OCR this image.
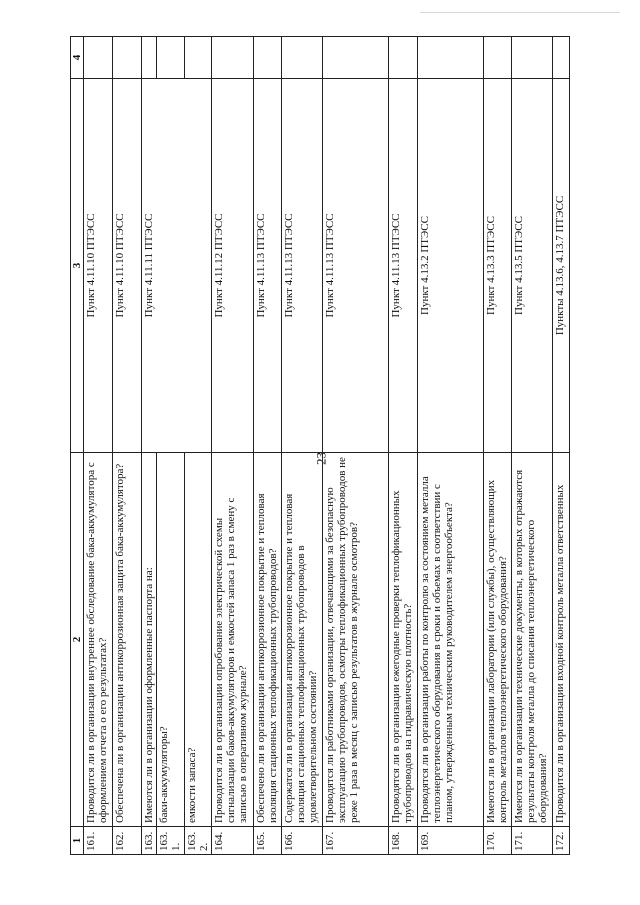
23
1	2	3	4
161.	Проводится ли в организации внутреннее обследование бака-аккумулятора с оформлением отчета о его результатах?	Пункт 4.11.10 ПТЭСС	
162.	Обеспечена ли в организации антикоррозионная защита бака-аккумулятора?	Пункт 4.11.10 ПТЭСС	
163.	Имеются ли в организации оформленные паспорта на:	Пункт 4.11.11 ПТЭСС	
163.1.	баки-аккумуляторы?		
163.2.	емкости запаса?		
164.	Проводится ли в организации опробование электрической схемы сигнализации баков-аккумуляторов и емкостей запаса 1 раз в смену с записью в оперативном журнале?	Пункт 4.11.12 ПТЭСС	
165.	Обеспечено ли в организации антикоррозионное покрытие и тепловая изоляция стационных теплофикационных трубопроводов?	Пункт 4.11.13 ПТЭСС	
166.	Содержатся ли в организации антикоррозионное покрытие и тепловая изоляция стационных теплофикационных трубопроводов в удовлетворительном состоянии?	Пункт 4.11.13 ПТЭСС	
167.	Проводятся ли работниками организации, отвечающими за безопасную эксплуатацию трубопроводов, осмотры теплофикационных трубопроводов не реже 1 раза в месяц с записью результатов в журнале осмотров?	Пункт 4.11.13 ПТЭСС	
168.	Проводятся ли в организации ежегодные проверки теплофикационных трубопроводов на гидравлическую плотность?	Пункт 4.11.13 ПТЭСС	
169.	Проводятся ли в организации работы по контролю за состоянием металла теплоэнергетического оборудования в сроки и объемах в соответствии с планом, утвержденным техническим руководителем энергообъекта?	Пункт 4.13.2 ПТЭСС	
170.	Имеются ли в организации лаборатории (или службы), осуществляющих контроль металлов теплоэнергетического оборудования?	Пункт 4.13.3 ПТЭСС	
171.	Имеются ли в организации технические документы, в которых отражаются результаты контроля металла до списания теплоэнергетического оборудования?	Пункт 4.13.5 ПТЭСС	
172.	Проводится ли в организации входной контроль металла ответственных	Пункты 4.13.6, 4.13.7 ПТЭСС	
